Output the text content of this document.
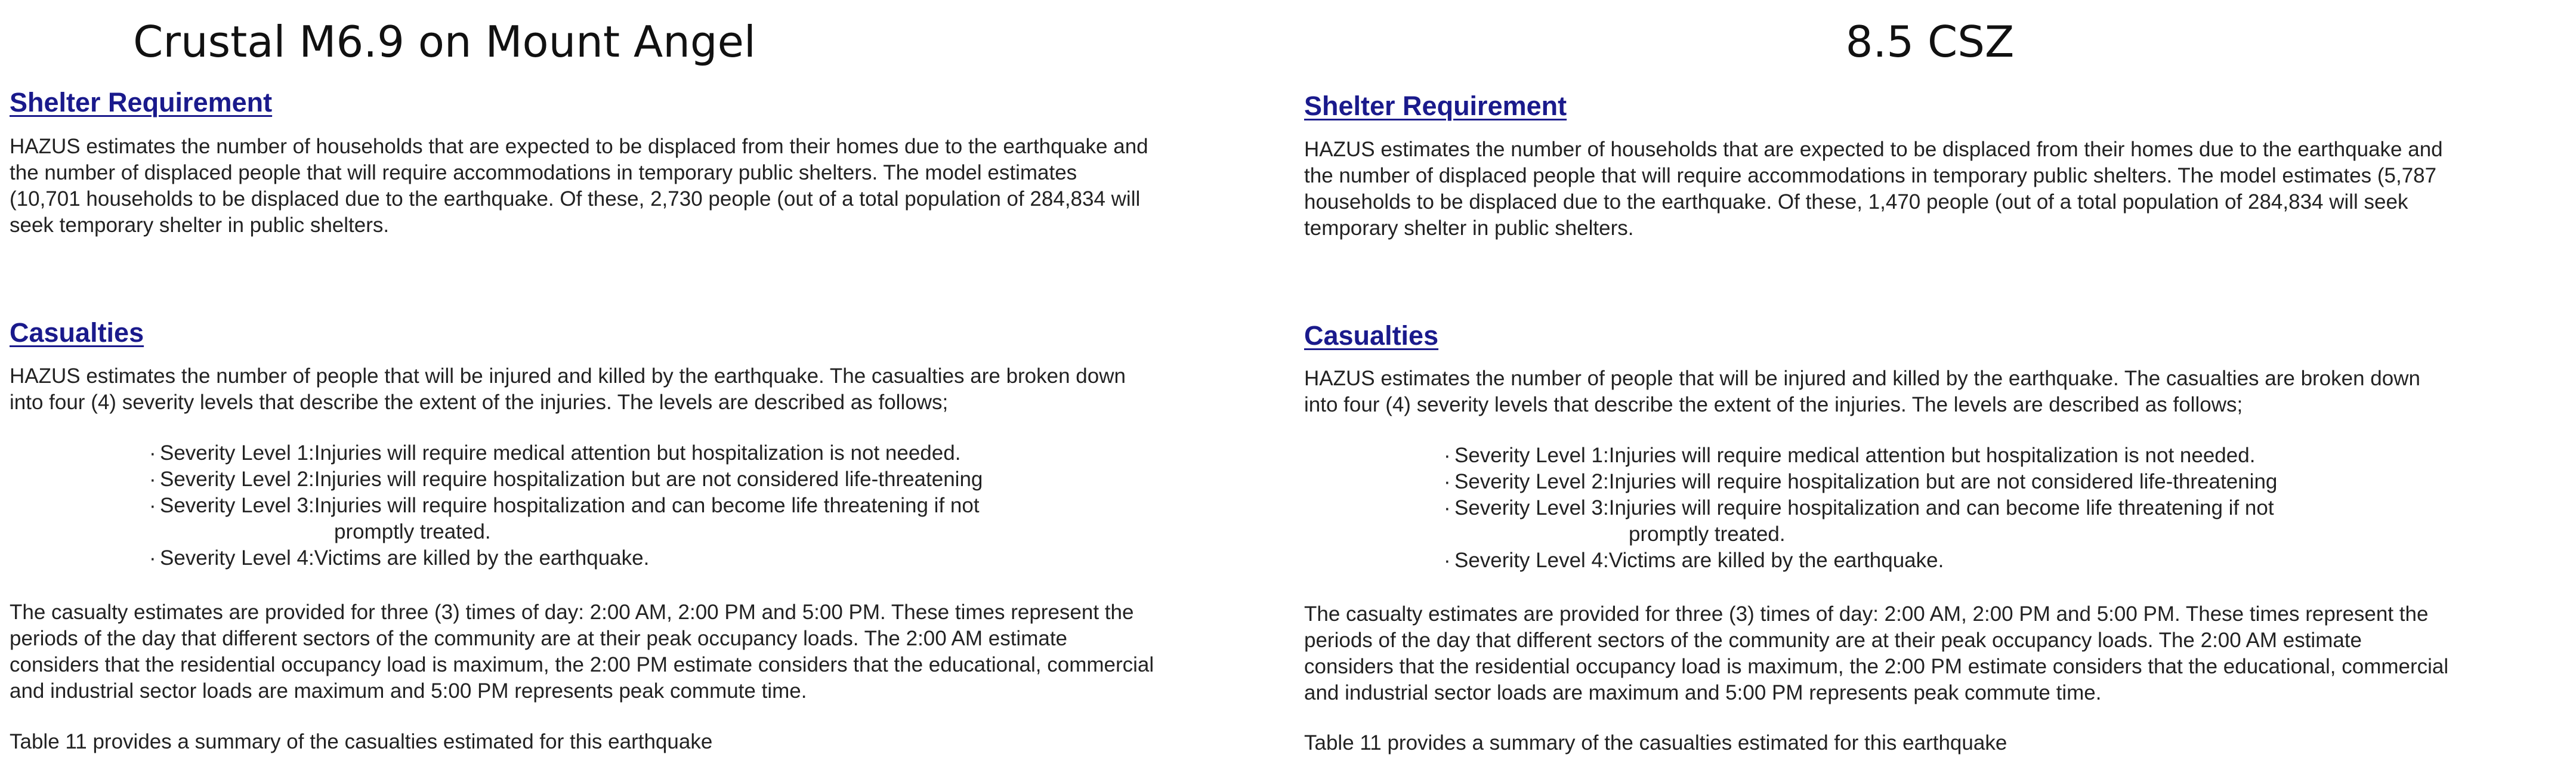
Crustal M6.9 on Mount Angel
Shelter Requirement
HAZUS estimates the number of households that are expected to be displaced from their homes due to the earthquake and
the number of displaced people that will require accommodations in temporary public shelters. The model estimates
(10,701 households to be displaced due to the earthquake. Of these, 2,730 people (out of a total population of 284,834 will
seek temporary shelter in public shelters.
Casualties
HAZUS estimates the number of people that will be injured and killed by the earthquake. The casualties are broken down
into four (4) severity levels that describe the extent of the injuries. The levels are described as follows;
· Severity Level 1:Injuries will require medical attention but hospitalization is not needed.
· Severity Level 2:Injuries will require hospitalization but are not considered life-threatening
· Severity Level 3:Injuries will require hospitalization and can become life threatening if not
promptly treated.
· Severity Level 4:Victims are killed by the earthquake.
The casualty estimates are provided for three (3) times of day: 2:00 AM, 2:00 PM and 5:00 PM. These times represent the
periods of the day that different sectors of the community are at their peak occupancy loads. The 2:00 AM estimate
considers that the residential occupancy load is maximum, the 2:00 PM estimate considers that the educational, commercial
and industrial sector loads are maximum and 5:00 PM represents peak commute time.
Table 11 provides a summary of the casualties estimated for this earthquake
8.5 CSZ
Shelter Requirement
HAZUS estimates the number of households that are expected to be displaced from their homes due to the earthquake and
the number of displaced people that will require accommodations in temporary public shelters. The model estimates (5,787
households to be displaced due to the earthquake. Of these, 1,470 people (out of a total population of 284,834 will seek
temporary shelter in public shelters.
Casualties
HAZUS estimates the number of people that will be injured and killed by the earthquake. The casualties are broken down
into four (4) severity levels that describe the extent of the injuries. The levels are described as follows;
· Severity Level 1:Injuries will require medical attention but hospitalization is not needed.
· Severity Level 2:Injuries will require hospitalization but are not considered life-threatening
· Severity Level 3:Injuries will require hospitalization and can become life threatening if not
promptly treated.
· Severity Level 4:Victims are killed by the earthquake.
The casualty estimates are provided for three (3) times of day: 2:00 AM, 2:00 PM and 5:00 PM. These times represent the
periods of the day that different sectors of the community are at their peak occupancy loads. The 2:00 AM estimate
considers that the residential occupancy load is maximum, the 2:00 PM estimate considers that the educational, commercial
and industrial sector loads are maximum and 5:00 PM represents peak commute time.
Table 11 provides a summary of the casualties estimated for this earthquake
